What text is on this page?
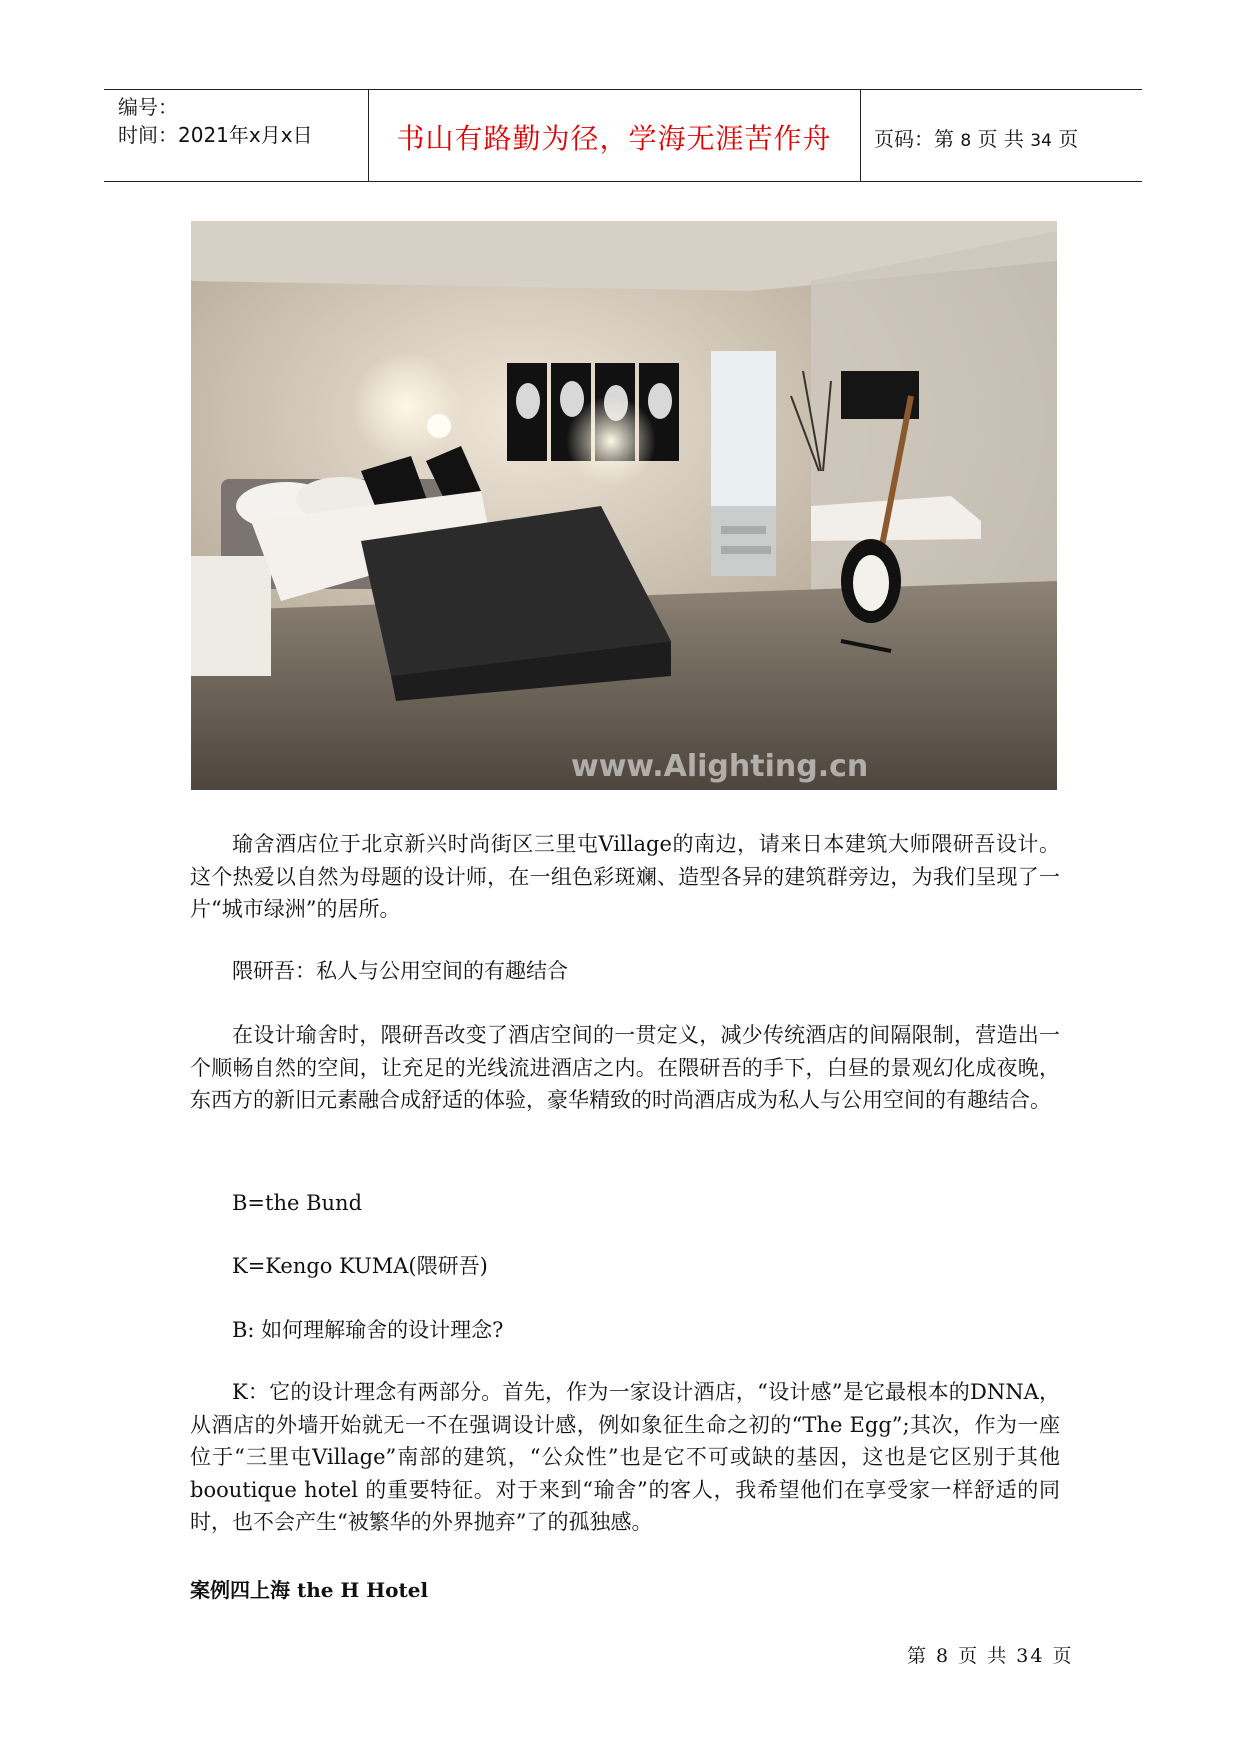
编号：
时间：2021年x月x日	书山有路勤为径，学海无涯苦作舟	页码：第 8 页 共 34 页
www.Alighting.cn
瑜舍酒店位于北京新兴时尚街区三里屯Village的南边，请来日本建筑大师隈研吾设计。这个热爱以自然为母题的设计师，在一组色彩斑斓、造型各异的建筑群旁边，为我们呈现了一片“城市绿洲”的居所。
隈研吾：私人与公用空间的有趣结合
在设计瑜舍时，隈研吾改变了酒店空间的一贯定义，减少传统酒店的间隔限制，营造出一个顺畅自然的空间，让充足的光线流进酒店之内。在隈研吾的手下，白昼的景观幻化成夜晚，东西方的新旧元素融合成舒适的体验，豪华精致的时尚酒店成为私人与公用空间的有趣结合。
B=the Bund
K=Kengo KUMA(隈研吾)
B: 如何理解瑜舍的设计理念?
K：它的设计理念有两部分。首先，作为一家设计酒店，“设计感”是它最根本的DNNA，从酒店的外墙开始就无一不在强调设计感，例如象征生命之初的“The Egg”;其次，作为一座位于“三里屯Village”南部的建筑，“公众性”也是它不可或缺的基因，这也是它区别于其他 booutique hotel 的重要特征。对于来到“瑜舍”的客人，我希望他们在享受家一样舒适的同时，也不会产生“被繁华的外界抛弃”了的孤独感。
案例四上海 the H Hotel
第 8 页 共 34 页
